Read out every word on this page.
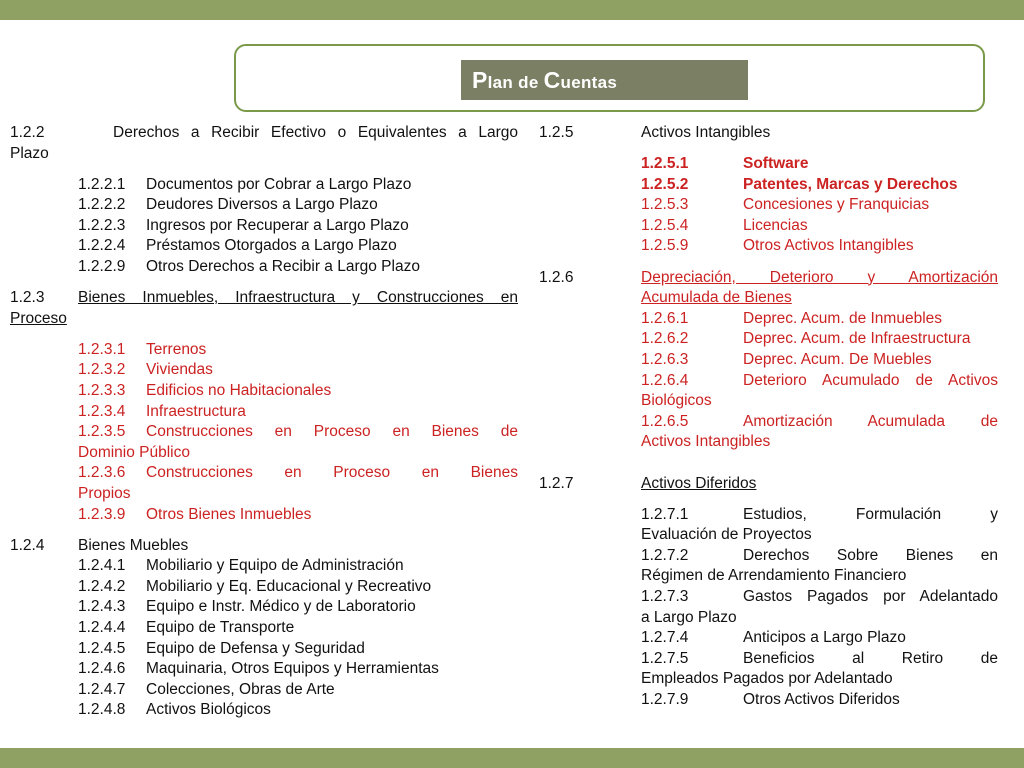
Plan de Cuentas
1.2.2	Derechos a Recibir Efectivo o Equivalentes a Largo
Plazo
1.2.2.1 Documentos por Cobrar a Largo Plazo
1.2.2.2 Deudores Diversos a Largo Plazo
1.2.2.3 Ingresos por Recuperar a Largo Plazo
1.2.2.4 Préstamos Otorgados a Largo Plazo
1.2.2.9 Otros Derechos a Recibir a Largo Plazo
1.2.3 Bienes Inmuebles, Infraestructura y Construcciones en
Proceso
1.2.3.1 Terrenos
1.2.3.2 Viviendas
1.2.3.3 Edificios no Habitacionales
1.2.3.4 Infraestructura
1.2.3.5 Construcciones en Proceso en Bienes de
Dominio Público
1.2.3.6 Construcciones en Proceso en Bienes
Propios
1.2.3.9 Otros Bienes Inmuebles
1.2.4 Bienes Muebles
1.2.4.1 Mobiliario y Equipo de Administración
1.2.4.2 Mobiliario y Eq. Educacional y Recreativo
1.2.4.3 Equipo e Instr. Médico y de Laboratorio
1.2.4.4 Equipo de Transporte
1.2.4.5 Equipo de Defensa y Seguridad
1.2.4.6 Maquinaria, Otros Equipos y Herramientas
1.2.4.7 Colecciones, Obras de Arte
1.2.4.8 Activos Biológicos
1.2.5	Activos Intangibles
1.2.5.1	Software
1.2.5.2	Patentes, Marcas y Derechos
1.2.5.3	Concesiones y Franquicias
1.2.5.4	Licencias
1.2.5.9	Otros Activos Intangibles
1.2.6	Depreciación, Deterioro y Amortización
Acumulada de Bienes
1.2.6.1	Deprec. Acum. de Inmuebles
1.2.6.2	Deprec. Acum. de Infraestructura
1.2.6.3	Deprec. Acum. De Muebles
1.2.6.4	Deterioro Acumulado de Activos
Biológicos
1.2.6.5	Amortización Acumulada de
Activos Intangibles
1.2.7	Activos Diferidos
1.2.7.1	Estudios, Formulación y
Evaluación de Proyectos
1.2.7.2	Derechos Sobre Bienes en
Régimen de Arrendamiento Financiero
1.2.7.3	Gastos Pagados por Adelantado
a Largo Plazo
1.2.7.4	Anticipos a Largo Plazo
1.2.7.5	Beneficios al Retiro de
Empleados Pagados por Adelantado
1.2.7.9	Otros Activos Diferidos
